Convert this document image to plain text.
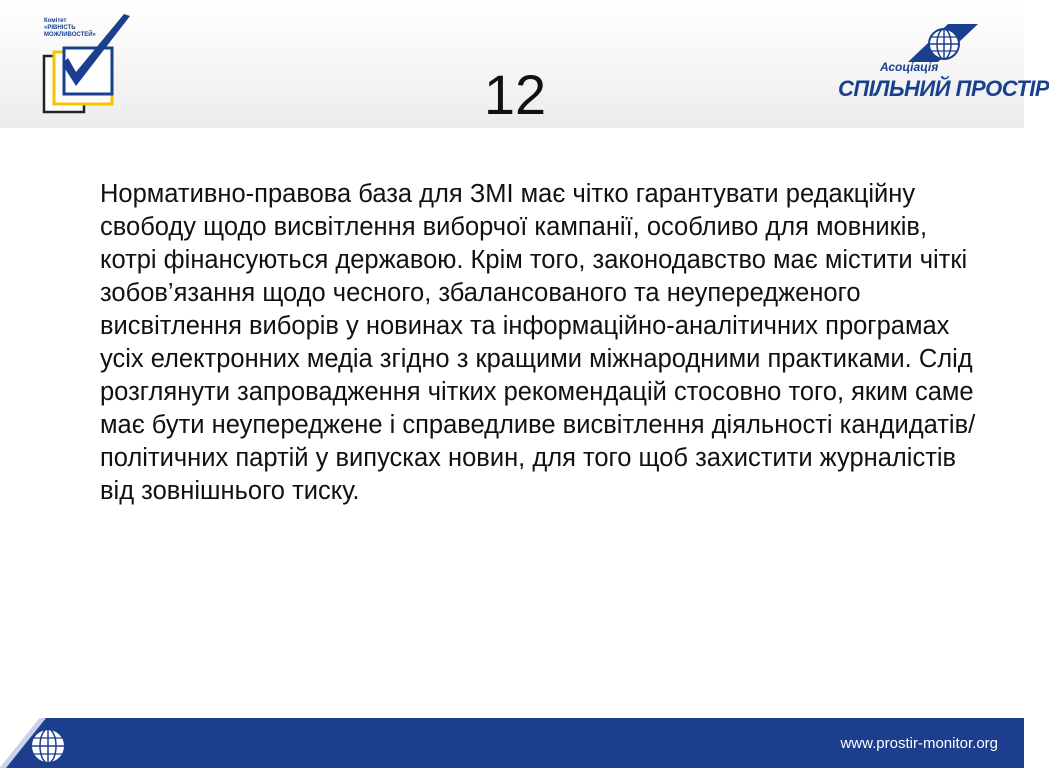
Комітет
«РІВНІСТЬ
МОЖЛИВОСТЕЙ»
12	Асоціація
СПІЛЬНИЙ ПРОСТІР

Нормативно-правова база для ЗМІ має чітко гарантувати редакційну свободу щодо висвітлення виборчої кампанії, особливо для мовників, котрі фінансуються державою. Крім того, законодавство має містити чіткі зобов’язання щодо чесного, збалансованого та неупередженого висвітлення виборів у новинах та інформаційно-аналітичних програмах усіх електронних медіа згідно з кращими міжнародними практиками. Слід розглянути запровадження чітких рекомендацій стосовно того, яким саме має бути неупереджене і справедливе висвітлення діяльності кандидатів/політичних партій у випусках новин, для того щоб захистити журналістів від зовнішнього тиску.

www.prostir-monitor.org
